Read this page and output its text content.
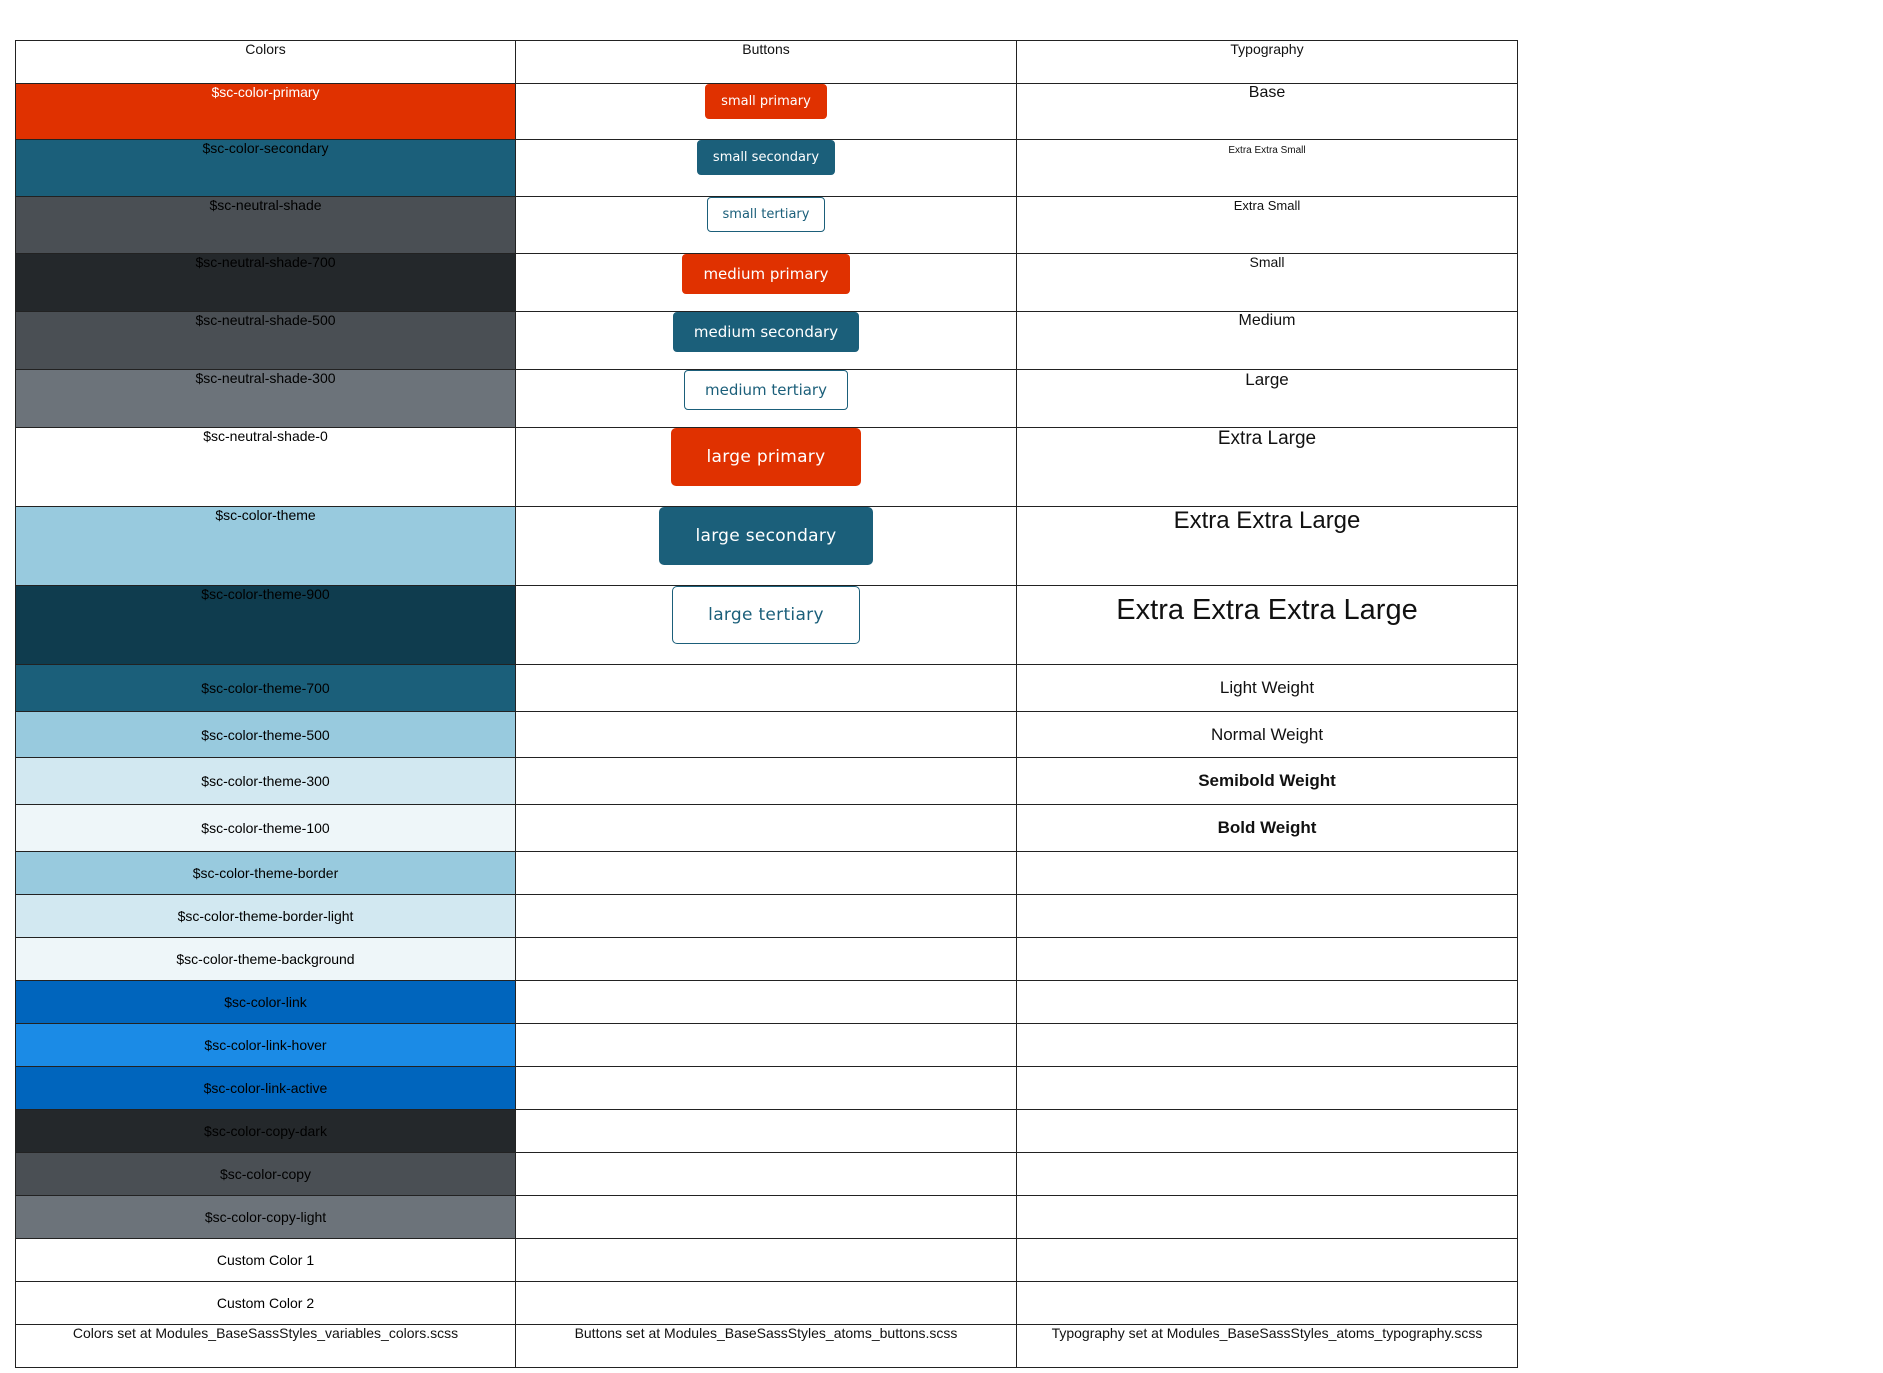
Colors	Buttons	Typography
$sc-color-primary	small primary	Base
$sc-color-secondary	small secondary	Extra Extra Small
$sc-neutral-shade	small tertiary	Extra Small
$sc-neutral-shade-700	medium primary	Small
$sc-neutral-shade-500	medium secondary	Medium
$sc-neutral-shade-300	medium tertiary	Large
$sc-neutral-shade-0	large primary	Extra Large
$sc-color-theme	large secondary	Extra Extra Large
$sc-color-theme-900	large tertiary	Extra Extra Extra Large
$sc-color-theme-700		Light Weight
$sc-color-theme-500		Normal Weight
$sc-color-theme-300		Semibold Weight
$sc-color-theme-100		Bold Weight
$sc-color-theme-border		
$sc-color-theme-border-light		
$sc-color-theme-background		
$sc-color-link		
$sc-color-link-hover		
$sc-color-link-active		
$sc-color-copy-dark		
$sc-color-copy		
$sc-color-copy-light		
Custom Color 1		
Custom Color 2		
Colors set at Modules_BaseSassStyles_variables_colors.scss	Buttons set at Modules_BaseSassStyles_atoms_buttons.scss	Typography set at Modules_BaseSassStyles_atoms_typography.scss
